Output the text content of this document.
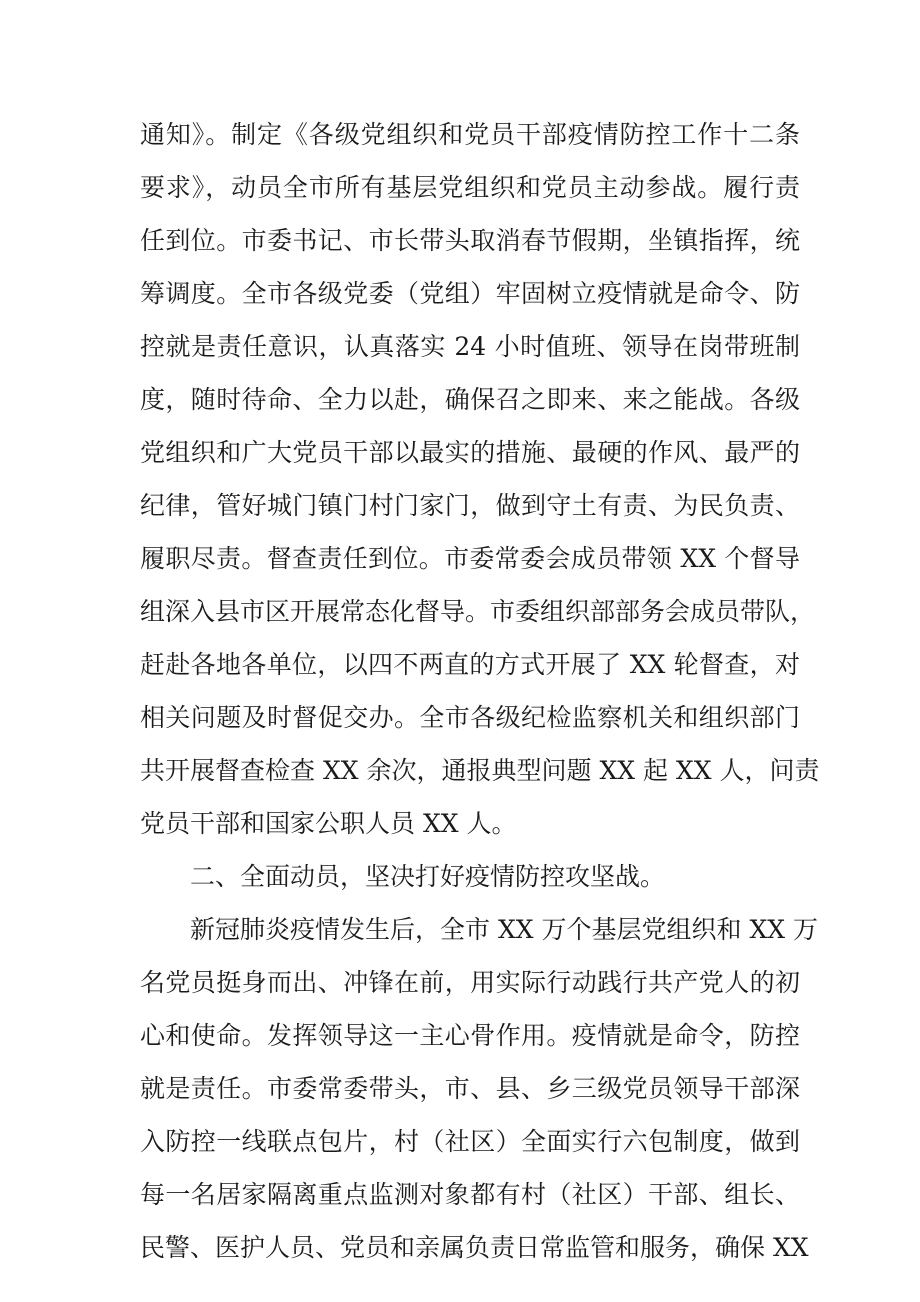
通知》。制定《各级党组织和党员干部疫情防控工作十二条
要求》，动员全市所有基层党组织和党员主动参战。履行责
任到位。市委书记、市长带头取消春节假期，坐镇指挥，统
筹调度。全市各级党委（党组）牢固树立疫情就是命令、防
控就是责任意识，认真落实 24 小时值班、领导在岗带班制
度，随时待命、全力以赴，确保召之即来、来之能战。各级
党组织和广大党员干部以最实的措施、最硬的作风、最严的
纪律，管好城门镇门村门家门，做到守土有责、为民负责、
履职尽责。督查责任到位。市委常委会成员带领 XX 个督导
组深入县市区开展常态化督导。市委组织部部务会成员带队，
赶赴各地各单位，以四不两直的方式开展了 XX 轮督查，对
相关问题及时督促交办。全市各级纪检监察机关和组织部门
共开展督查检查 XX 余次，通报典型问题 XX 起 XX 人，问责
党员干部和国家公职人员 XX 人。
二、全面动员，坚决打好疫情防控攻坚战。
新冠肺炎疫情发生后，全市 XX 万个基层党组织和 XX 万
名党员挺身而出、冲锋在前，用实际行动践行共产党人的初
心和使命。发挥领导这一主心骨作用。疫情就是命令，防控
就是责任。市委常委带头，市、县、乡三级党员领导干部深
入防控一线联点包片，村（社区）全面实行六包制度，做到
每一名居家隔离重点监测对象都有村（社区）干部、组长、
民警、医护人员、党员和亲属负责日常监管和服务，确保 XX
